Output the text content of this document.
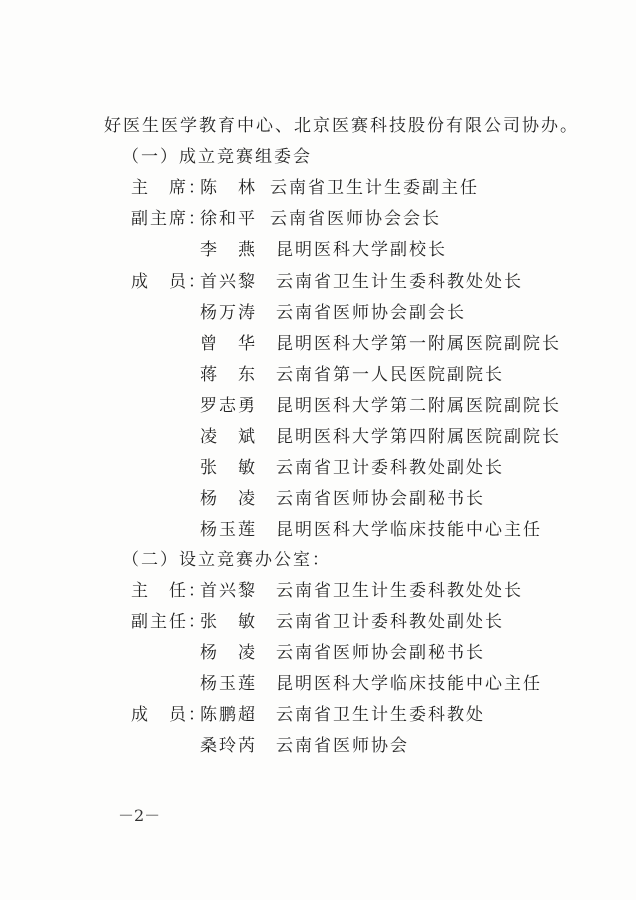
好医生医学教育中心、北京医赛科技股份有限公司协办。
（一）成立竞赛组委会
主　席：
陈　林 云南省卫生计生委副主任
副主席：
徐和平 云南省医师协会会长
李　燕 昆明医科大学副校长
成　员：
首兴黎 云南省卫生计生委科教处处长
杨万涛 云南省医师协会副会长
曾　华 昆明医科大学第一附属医院副院长
蒋　东 云南省第一人民医院副院长
罗志勇 昆明医科大学第二附属医院副院长
凌　斌 昆明医科大学第四附属医院副院长
张　敏 云南省卫计委科教处副处长
杨　凌 云南省医师协会副秘书长
杨玉莲 昆明医科大学临床技能中心主任
（二）设立竞赛办公室：
主　任：
首兴黎 云南省卫生计生委科教处处长
副主任：
张　敏 云南省卫计委科教处副处长
杨　凌 云南省医师协会副秘书长
杨玉莲 昆明医科大学临床技能中心主任
成　员：
陈鹏超 云南省卫生计生委科教处
桑玲芮 云南省医师协会
－2－
